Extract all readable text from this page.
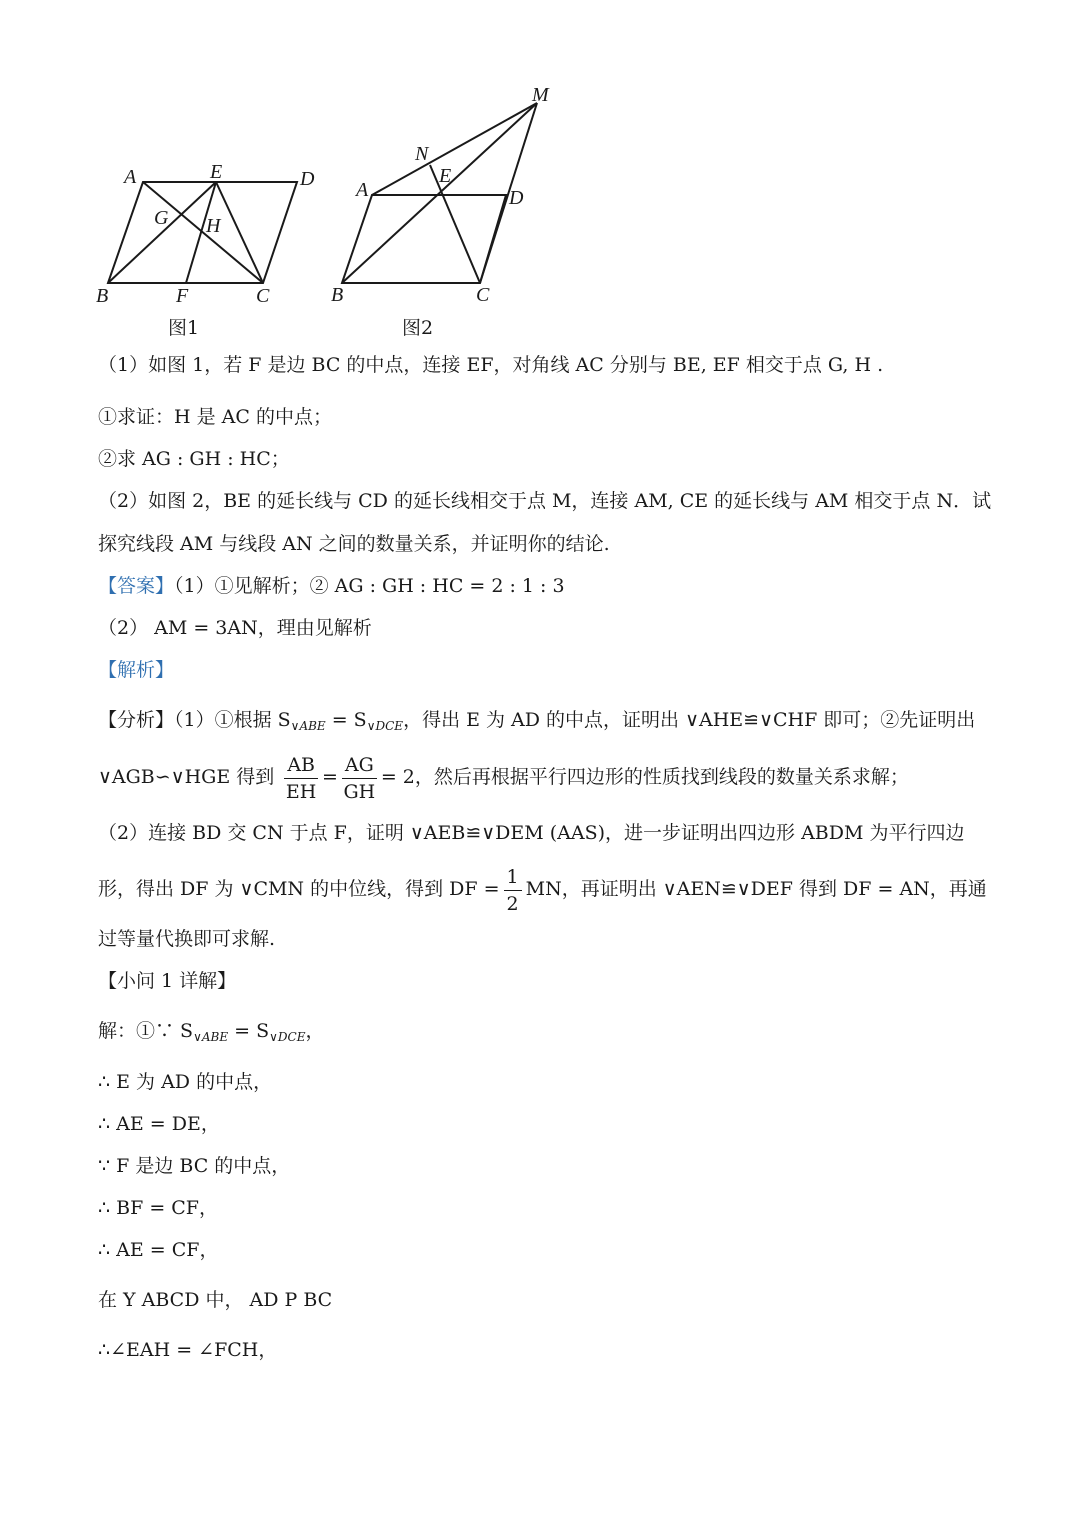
A	E	D
G H
B	F	C
M
N
A
E
D
B	C
图1	图2
（1）如图 1，若 F 是边 BC 的中点，连接 EF，对角线 AC 分别与 BE, EF 相交于点 G, H .
①求证：H 是 AC 的中点；
②求 AG : GH : HC；
（2）如图 2，BE 的延长线与 CD 的延长线相交于点 M，连接 AM, CE 的延长线与 AM 相交于点 N．试
探究线段 AM 与线段 AN 之间的数量关系，并证明你的结论.
【答案】（1）①见解析；② AG : GH : HC = 2 : 1 : 3
（2） AM = 3AN，理由见解析
【解析】
【分析】（1）①根据 $S_{\vee ABE} = S_{\vee DCE}$，得出 E 为 AD 的中点，证明出 ∨AHE≌∨CHF 即可；②先证明出
∨AGB∽∨HGE 得到 $\frac{AB}{EH} = \frac{AG}{GH} = 2$，然后再根据平行四边形的性质找到线段的数量关系求解；
（2）连接 BD 交 CN 于点 F，证明 ∨AEB≌∨DEM (AAS)，进一步证明出四边形 ABDM 为平行四边
形，得出 DF 为 ∨CMN 的中位线，得到 DF = $\frac{1}{2}$ MN，再证明出 ∨AEN≌∨DEF 得到 DF = AN，再通
过等量代换即可求解.
【小问 1 详解】
解：①∵ $S_{\vee ABE} = S_{\vee DCE}$，
∴ E 为 AD 的中点，
∴ AE = DE，
∵ F 是边 BC 的中点，
∴ BF = CF，
∴ AE = CF，
在 Y ABCD 中， AD P BC
∴∠EAH = ∠FCH，
